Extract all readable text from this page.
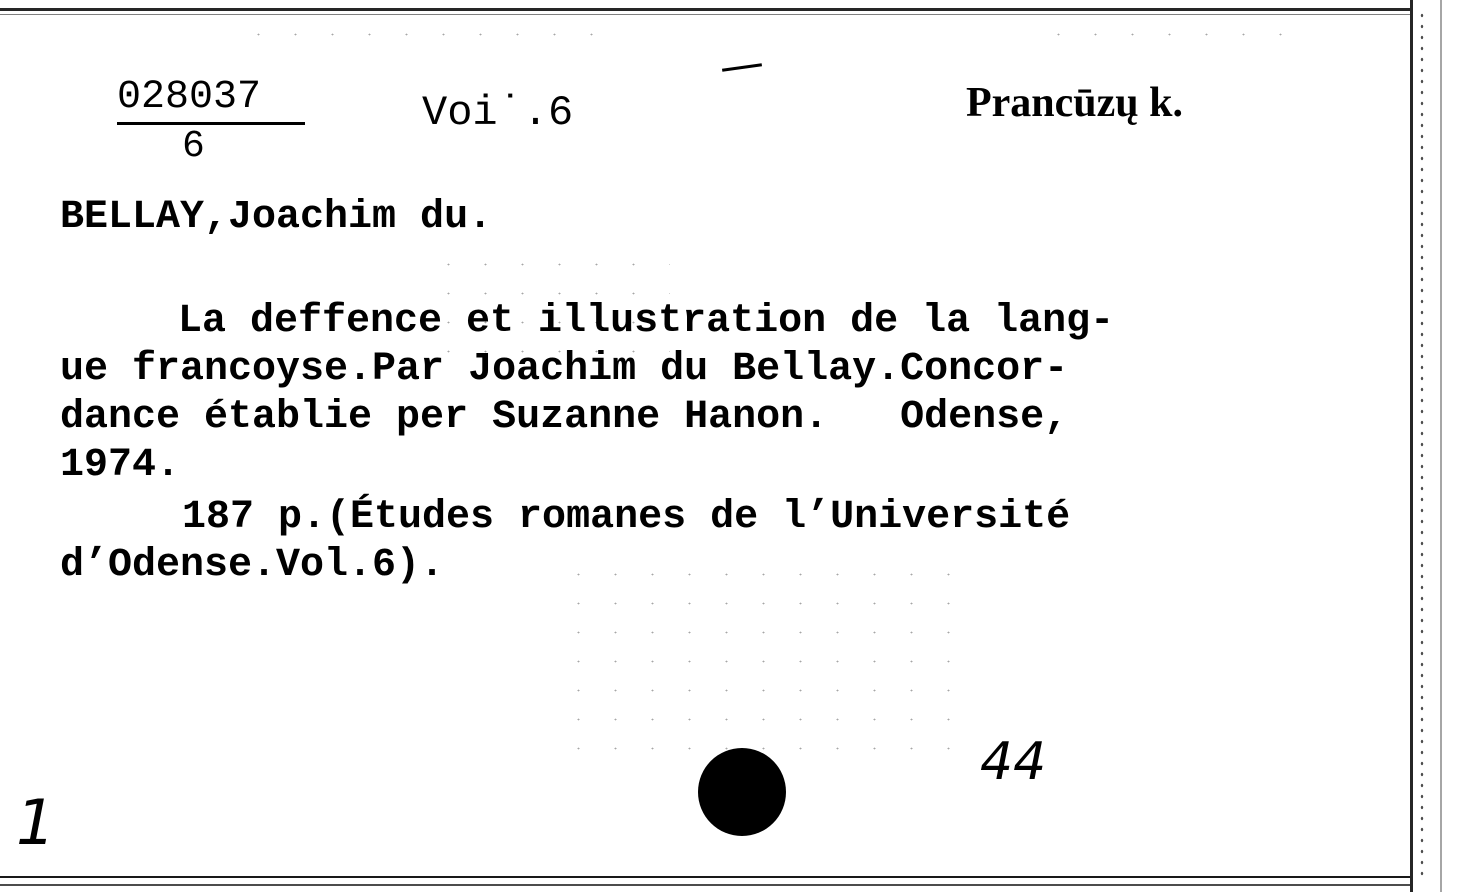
028037
6
Voi˙.6	Prancūzų k.
BELLAY,Joachim du.
La deffence et illustration de la lang-
ue francoyse.Par Joachim du Bellay.Concor-
dance établie per Suzanne Hanon.   Odense,
1974.
187 p.(Études romanes de l’Université
d’Odense.Vol.6).
44
1
